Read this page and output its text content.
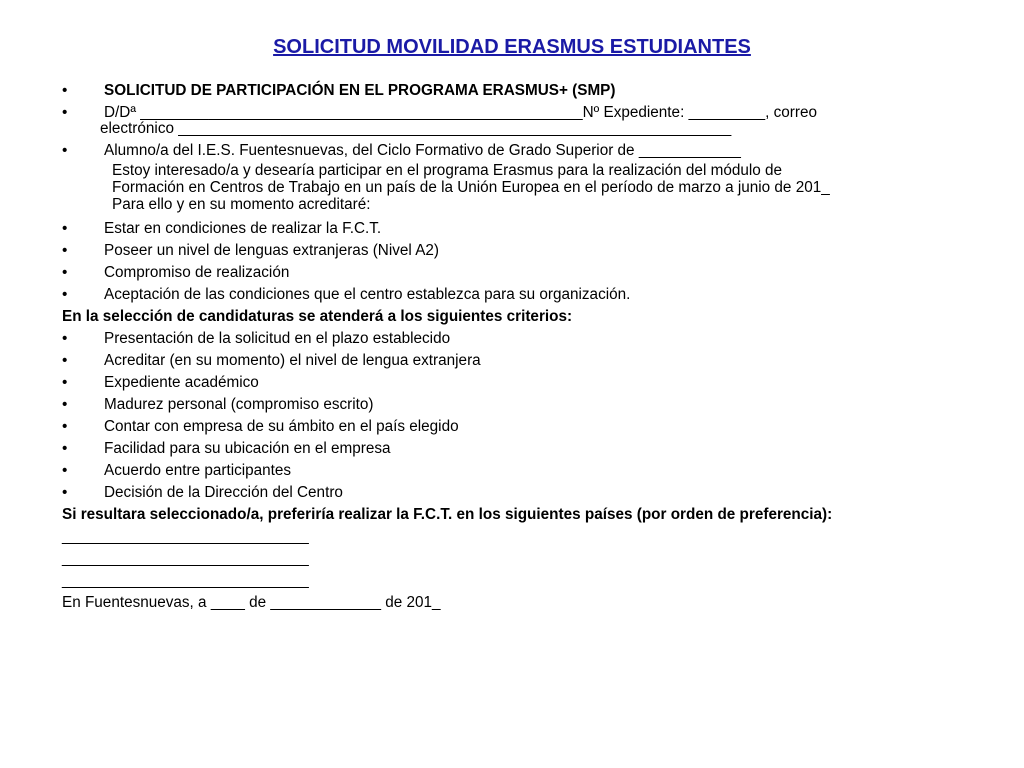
SOLICITUD MOVILIDAD ERASMUS ESTUDIANTES
•	SOLICITUD DE PARTICIPACIÓN EN EL PROGRAMA ERASMUS+ (SMP)
•	D/Dª ____________________________________________________Nº Expediente: _________, correo
electrónico _________________________________________________________________
•	Alumno/a del I.E.S. Fuentesnuevas, del Ciclo Formativo de Grado Superior de ____________
Estoy interesado/a y desearía participar en el programa Erasmus para la realización del módulo de
Formación en Centros de Trabajo en un país de la Unión Europea en el período de marzo a junio de 201_
Para ello y en su momento acreditaré:
•	Estar en condiciones de realizar la F.C.T.
•	Poseer un nivel de lenguas extranjeras (Nivel A2)
•	Compromiso de realización
•	Aceptación de las condiciones que el centro establezca para su organización.
En la selección de candidaturas se atenderá a los siguientes criterios:
•	Presentación de la solicitud en el plazo establecido
•	Acreditar (en su momento) el nivel de lengua extranjera
•	Expediente académico
•	Madurez personal (compromiso escrito)
•	Contar con empresa de su ámbito en el país elegido
•	Facilidad para su ubicación en el empresa
•	Acuerdo entre participantes
•	Decisión de la Dirección del Centro
Si resultara seleccionado/a, preferiría realizar la F.C.T. en los siguientes países (por orden de preferencia):
_____________________________
_____________________________
_____________________________
En Fuentesnuevas, a ____ de _____________ de 201_
